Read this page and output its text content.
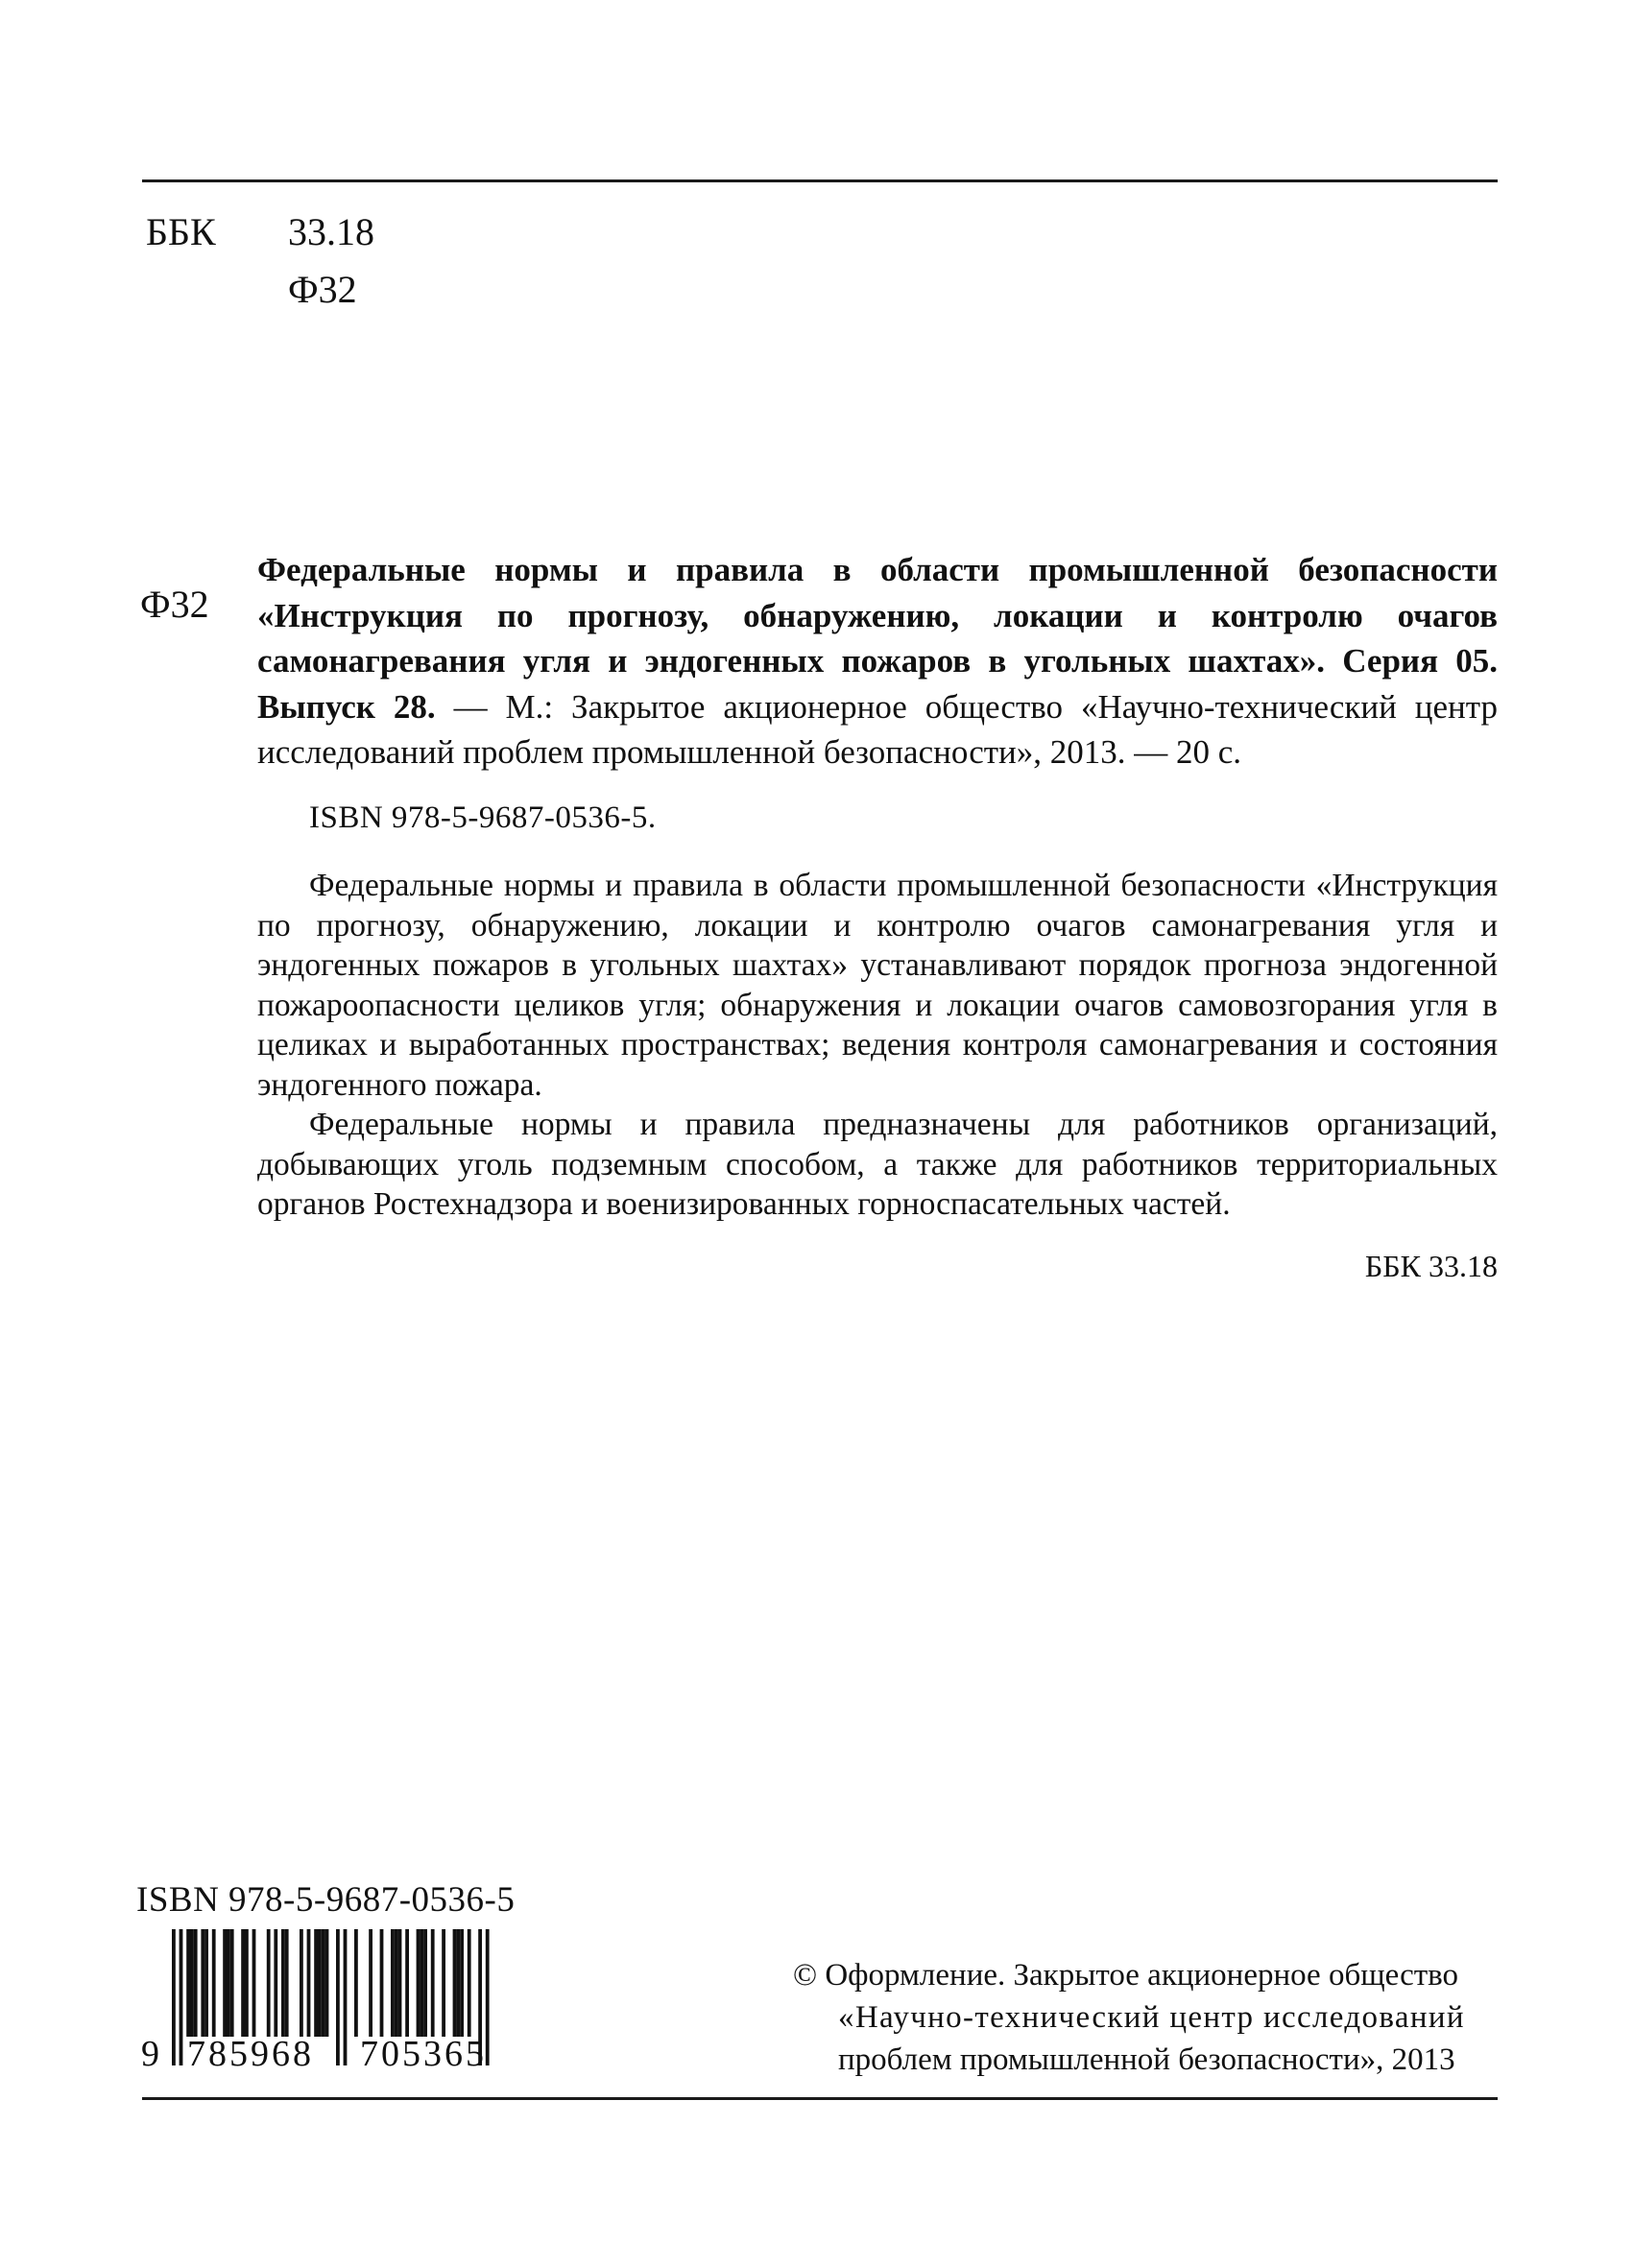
ББК	33.18
Ф32
Ф32

Федеральные нормы и правила в области промышленной безопасности «Инструкция по прогнозу, обнаружению, локации и контролю очагов самонагревания угля и эндогенных пожаров в угольных шахтах». Серия 05. Выпуск 28. — М.: Закрытое акционерное общество «Научно-технический центр исследований проблем промышленной безопасности», 2013. — 20 с.

ISBN 978-5-9687-0536-5.

Федеральные нормы и правила в области промышленной безопасности «Инструкция по прогнозу, обнаружению, локации и контролю очагов самонагревания угля и эндогенных пожаров в угольных шахтах» устанавливают порядок прогноза эндогенной пожароопасности целиков угля; обнаружения и локации очагов самовозгорания угля в целиках и выработанных пространствах; ведения контроля самонагревания и состояния эндогенного пожара.

Федеральные нормы и правила предназначены для работников организаций, добывающих уголь подземным способом, а также для работников территориальных органов Ростехнадзора и военизированных горноспасательных частей.

ББК 33.18

ISBN 978-5-9687-0536-5
9 785968 705365
© Оформление. Закрытое акционерное общество
«Научно-технический центр исследований
проблем промышленной безопасности», 2013
